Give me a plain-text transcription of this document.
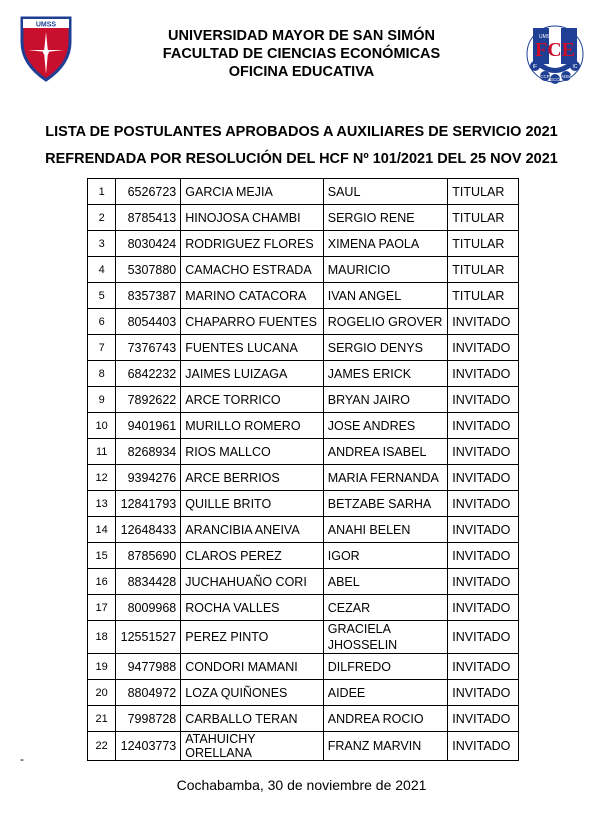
UMSS
FCE
UMSS
IF	IC
CCP
ECO
ADM
UNIVERSIDAD MAYOR DE SAN SIMÓN
FACULTAD DE CIENCIAS ECONÓMICAS
OFICINA EDUCATIVA
LISTA DE POSTULANTES APROBADOS A AUXILIARES DE SERVICIO 2021
REFRENDADA POR RESOLUCIÓN DEL HCF Nº 101/2021 DEL 25 NOV 2021
1	6526723	GARCIA MEJIA	SAUL	TITULAR
2	8785413	HINOJOSA CHAMBI	SERGIO RENE	TITULAR
3	8030424	RODRIGUEZ FLORES	XIMENA PAOLA	TITULAR
4	5307880	CAMACHO ESTRADA	MAURICIO	TITULAR
5	8357387	MARINO CATACORA	IVAN ANGEL	TITULAR
6	8054403	CHAPARRO FUENTES	ROGELIO GROVER	INVITADO
7	7376743	FUENTES LUCANA	SERGIO DENYS	INVITADO
8	6842232	JAIMES LUIZAGA	JAMES ERICK	INVITADO
9	7892622	ARCE TORRICO	BRYAN JAIRO	INVITADO
10	9401961	MURILLO ROMERO	JOSE ANDRES	INVITADO
11	8268934	RIOS MALLCO	ANDREA ISABEL	INVITADO
12	9394276	ARCE BERRIOS	MARIA FERNANDA	INVITADO
13	12841793	QUILLE BRITO	BETZABE SARHA	INVITADO
14	12648433	ARANCIBIA ANEIVA	ANAHI BELEN	INVITADO
15	8785690	CLAROS PEREZ	IGOR	INVITADO
16	8834428	JUCHAHUAÑO CORI	ABEL	INVITADO
17	8009968	ROCHA VALLES	CEZAR	INVITADO
18	12551527	PEREZ PINTO	GRACIELA JHOSSELIN	INVITADO
19	9477988	CONDORI MAMANI	DILFREDO	INVITADO
20	8804972	LOZA QUIÑONES	AIDEE	INVITADO
21	7998728	CARBALLO TERAN	ANDREA ROCIO	INVITADO
22	12403773	ATAHUICHY ORELLANA	FRANZ MARVIN	INVITADO
-
Cochabamba, 30 de noviembre de 2021
